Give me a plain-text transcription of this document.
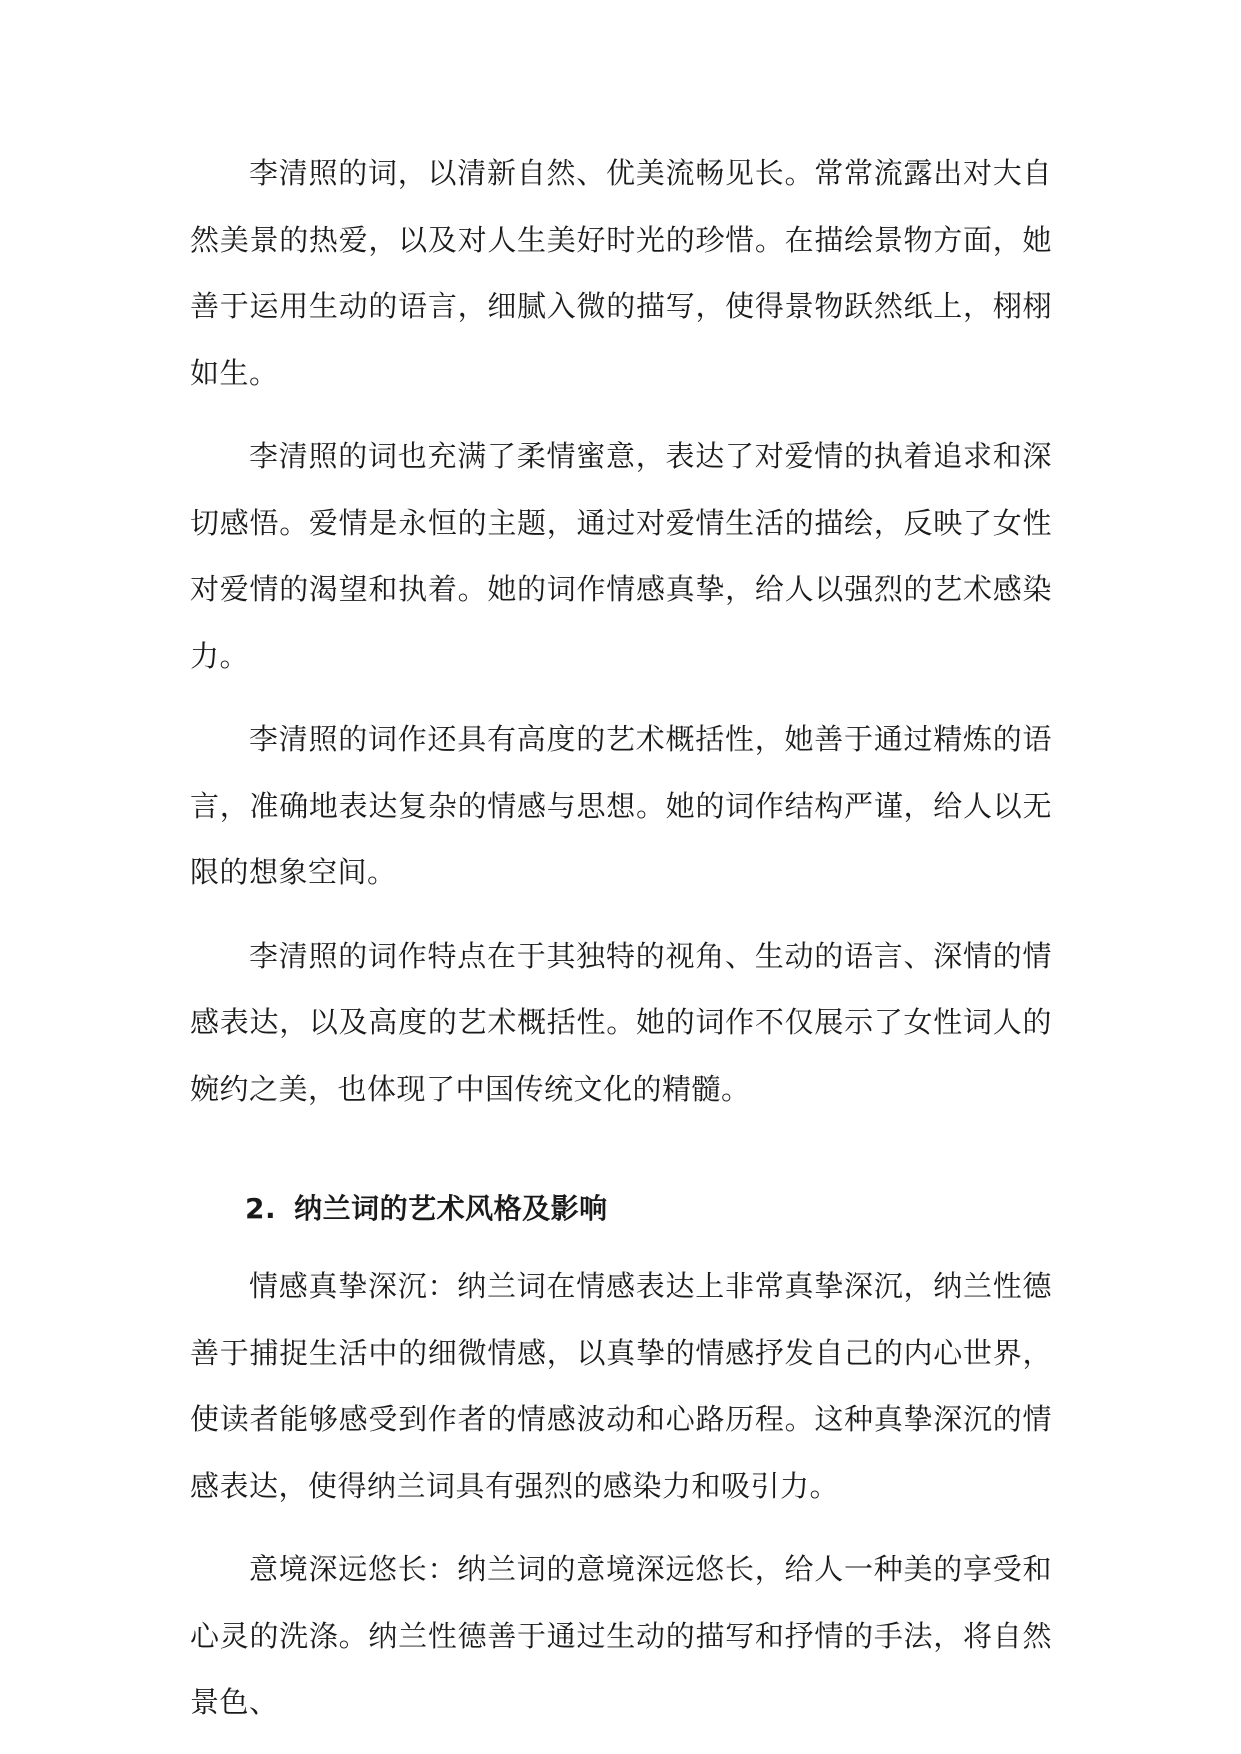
李清照的词，以清新自然、优美流畅见长。常常流露出对大自然美景的热爱，以及对人生美好时光的珍惜。在描绘景物方面，她善于运用生动的语言，细腻入微的描写，使得景物跃然纸上，栩栩如生。

李清照的词也充满了柔情蜜意，表达了对爱情的执着追求和深切感悟。爱情是永恒的主题，通过对爱情生活的描绘，反映了女性对爱情的渴望和执着。她的词作情感真挚，给人以强烈的艺术感染力。

李清照的词作还具有高度的艺术概括性，她善于通过精炼的语言，准确地表达复杂的情感与思想。她的词作结构严谨，给人以无限的想象空间。

李清照的词作特点在于其独特的视角、生动的语言、深情的情感表达，以及高度的艺术概括性。她的词作不仅展示了女性词人的婉约之美，也体现了中国传统文化的精髓。

2. 纳兰词的艺术风格及影响

情感真挚深沉：纳兰词在情感表达上非常真挚深沉，纳兰性德善于捕捉生活中的细微情感，以真挚的情感抒发自己的内心世界，使读者能够感受到作者的情感波动和心路历程。这种真挚深沉的情感表达，使得纳兰词具有强烈的感染力和吸引力。

意境深远悠长：纳兰词的意境深远悠长，给人一种美的享受和心灵的洗涤。纳兰性德善于通过生动的描写和抒情的手法，将自然景色、
